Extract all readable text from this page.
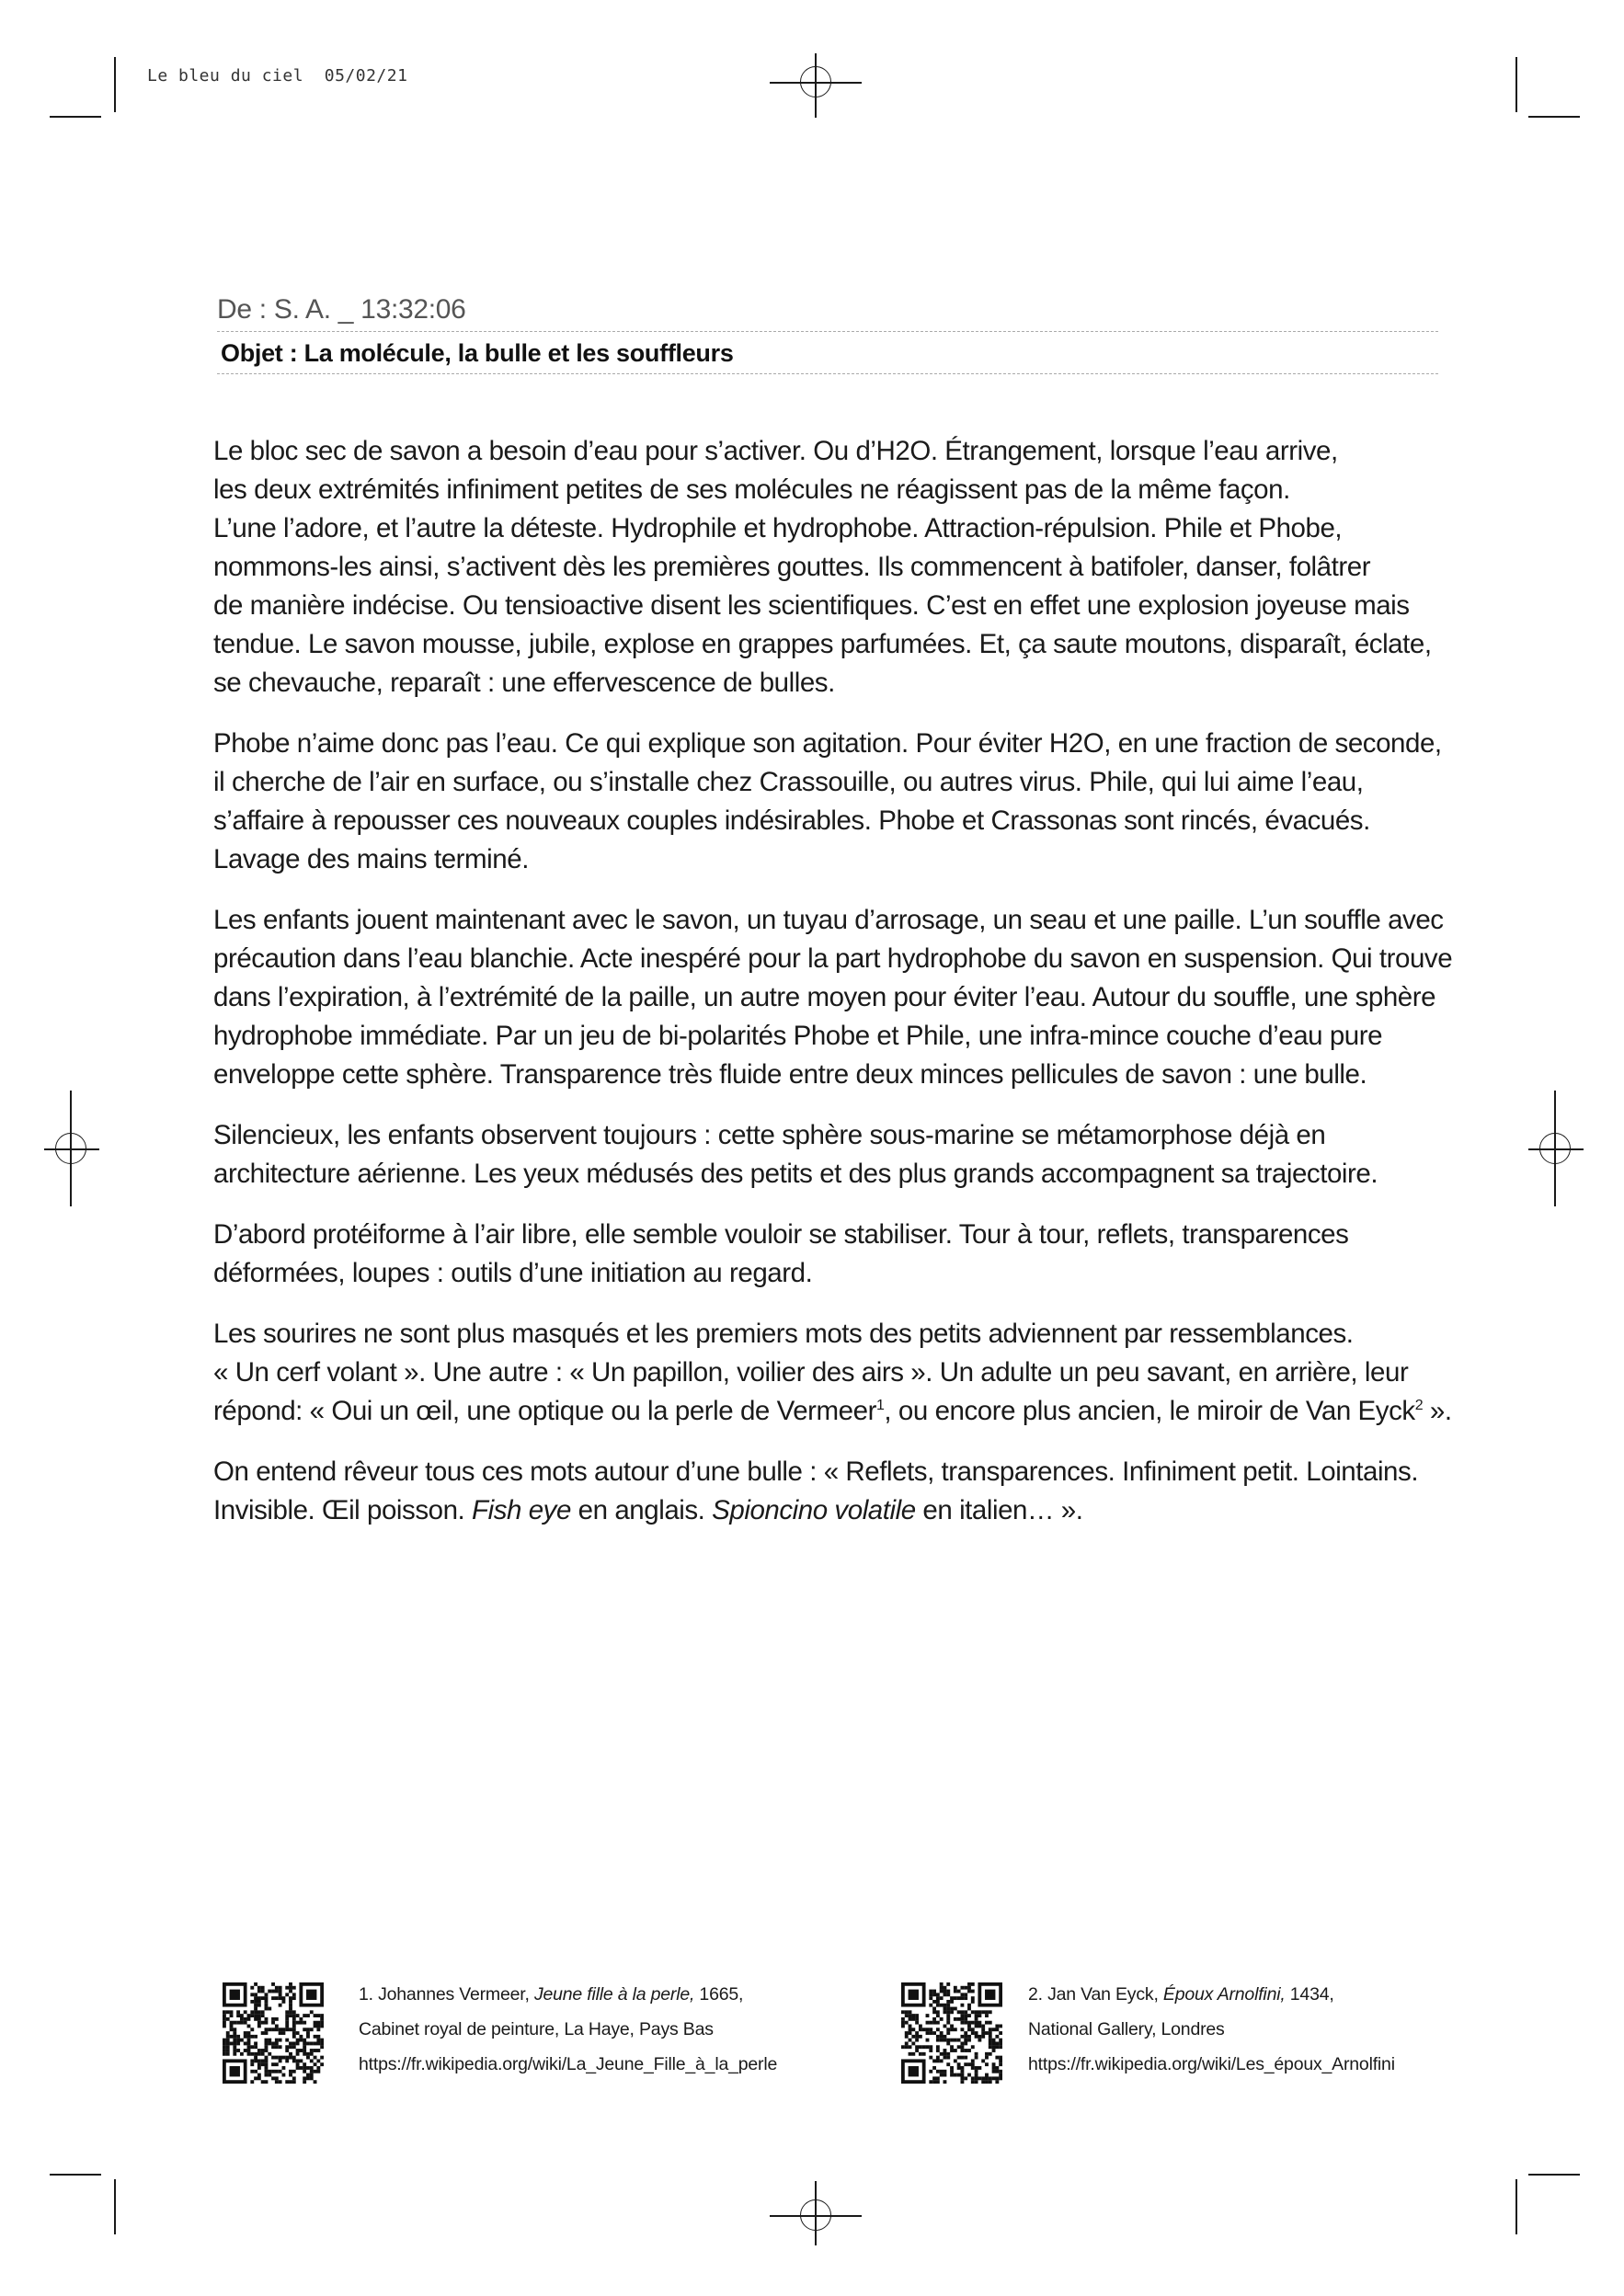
Le bleu du ciel 05/02/21
De : S. A. _ 13:32:06
Objet : La molécule, la bulle et les souffleurs

Le bloc sec de savon a besoin d’eau pour s’activer. Ou d’H2O. Étrangement, lorsque l’eau arrive,
les deux extrémités infiniment petites de ses molécules ne réagissent pas de la même façon.
L’une l’adore, et l’autre la déteste. Hydrophile et hydrophobe. Attraction-répulsion. Phile et Phobe,
nommons-les ainsi, s’activent dès les premières gouttes. Ils commencent à batifoler, danser, folâtrer
de manière indécise. Ou tensioactive disent les scientifiques. C’est en effet une explosion joyeuse mais
tendue. Le savon mousse, jubile, explose en grappes parfumées. Et, ça saute moutons, disparaît, éclate,
se chevauche, reparaît : une effervescence de bulles.

Phobe n’aime donc pas l’eau. Ce qui explique son agitation. Pour éviter H2O, en une fraction de seconde,
il cherche de l’air en surface, ou s’installe chez Crassouille, ou autres virus. Phile, qui lui aime l’eau,
s’affaire à repousser ces nouveaux couples indésirables. Phobe et Crassonas sont rincés, évacués.
Lavage des mains terminé.

Les enfants jouent maintenant avec le savon, un tuyau d’arrosage, un seau et une paille. L’un souffle avec
précaution dans l’eau blanchie. Acte inespéré pour la part hydrophobe du savon en suspension. Qui trouve
dans l’expiration, à l’extrémité de la paille, un autre moyen pour éviter l’eau. Autour du souffle, une sphère
hydrophobe immédiate. Par un jeu de bi-polarités Phobe et Phile, une infra-mince couche d’eau pure
enveloppe cette sphère. Transparence très fluide entre deux minces pellicules de savon : une bulle.

Silencieux, les enfants observent toujours : cette sphère sous-marine se métamorphose déjà en
architecture aérienne. Les yeux médusés des petits et des plus grands accompagnent sa trajectoire.

D’abord protéiforme à l’air libre, elle semble vouloir se stabiliser. Tour à tour, reflets, transparences
déformées, loupes : outils d’une initiation au regard.

Les sourires ne sont plus masqués et les premiers mots des petits adviennent par ressemblances.
« Un cerf volant ». Une autre : « Un papillon, voilier des airs ». Un adulte un peu savant, en arrière, leur
répond: « Oui un œil, une optique ou la perle de Vermeer$^1$, ou encore plus ancien, le miroir de Van Eyck$^2$ ».

On entend rêveur tous ces mots autour d’une bulle : « Reflets, transparences. Infiniment petit. Lointains.
Invisible. Œil poisson. Fish eye en anglais. Spioncino volatile en italien… ».

1. Johannes Vermeer, Jeune fille à la perle, 1665,
Cabinet royal de peinture, La Haye, Pays Bas
https://fr.wikipedia.org/wiki/La_Jeune_Fille_à_la_perle
2. Jan Van Eyck, Époux Arnolfini, 1434,
National Gallery, Londres
https://fr.wikipedia.org/wiki/Les_époux_Arnolfini
